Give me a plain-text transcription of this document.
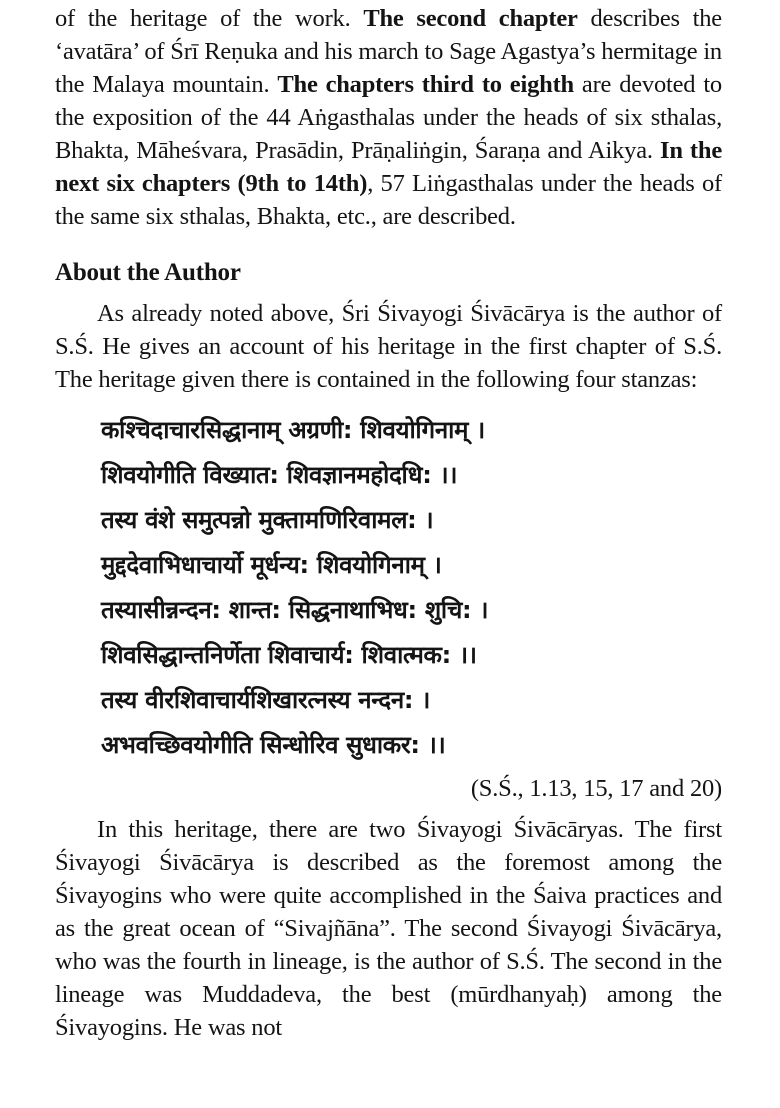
of the heritage of the work. The second chapter describes the ‘avatāra’ of Śrī Reṇuka and his march to Sage Agastya’s hermitage in the Malaya mountain. The chapters third to eighth are devoted to the exposition of the 44 Aṅgasthalas under the heads of six sthalas, Bhakta, Māheśvara, Prasādin, Prāṇaliṅgin, Śaraṇa and Aikya. In the next six chapters (9th to 14th), 57 Liṅgasthalas under the heads of the same six sthalas, Bhakta, etc., are described.

About the Author

As already noted above, Śri Śivayogi Śivācārya is the author of S.Ś. He gives an account of his heritage in the first chapter of S.Ś. The heritage given there is contained in the following four stanzas:

कश्चिदाचारसिद्धानाम् अग्रणी: शिवयोगिनाम् ।
शिवयोगीति विख्यात: शिवज्ञानमहोदधि: ।।
तस्य वंशे समुत्पन्नो मुक्तामणिरिवामल: ।
मुद्ददेवाभिधाचार्यो मूर्धन्य: शिवयोगिनाम् ।
तस्यासीन्नन्दन: शान्त: सिद्धनाथाभिध: शुचि: ।
शिवसिद्धान्तनिर्णेता शिवाचार्य: शिवात्मक: ।।
तस्य वीरशिवाचार्यशिखारत्नस्य नन्दन: ।
अभवच्छिवयोगीति सिन्धोरिव सुधाकर: ।।
(S.Ś., 1.13, 15, 17 and 20)

In this heritage, there are two Śivayogi Śivācāryas. The first Śivayogi Śivācārya is described as the foremost among the Śivayogins who were quite accomplished in the Śaiva practices and as the great ocean of “Sivajñāna”. The second Śivayogi Śivācārya, who was the fourth in lineage, is the author of S.Ś. The second in the lineage was Muddadeva, the best (mūrdhanyaḥ) among the Śivayogins. He was not
